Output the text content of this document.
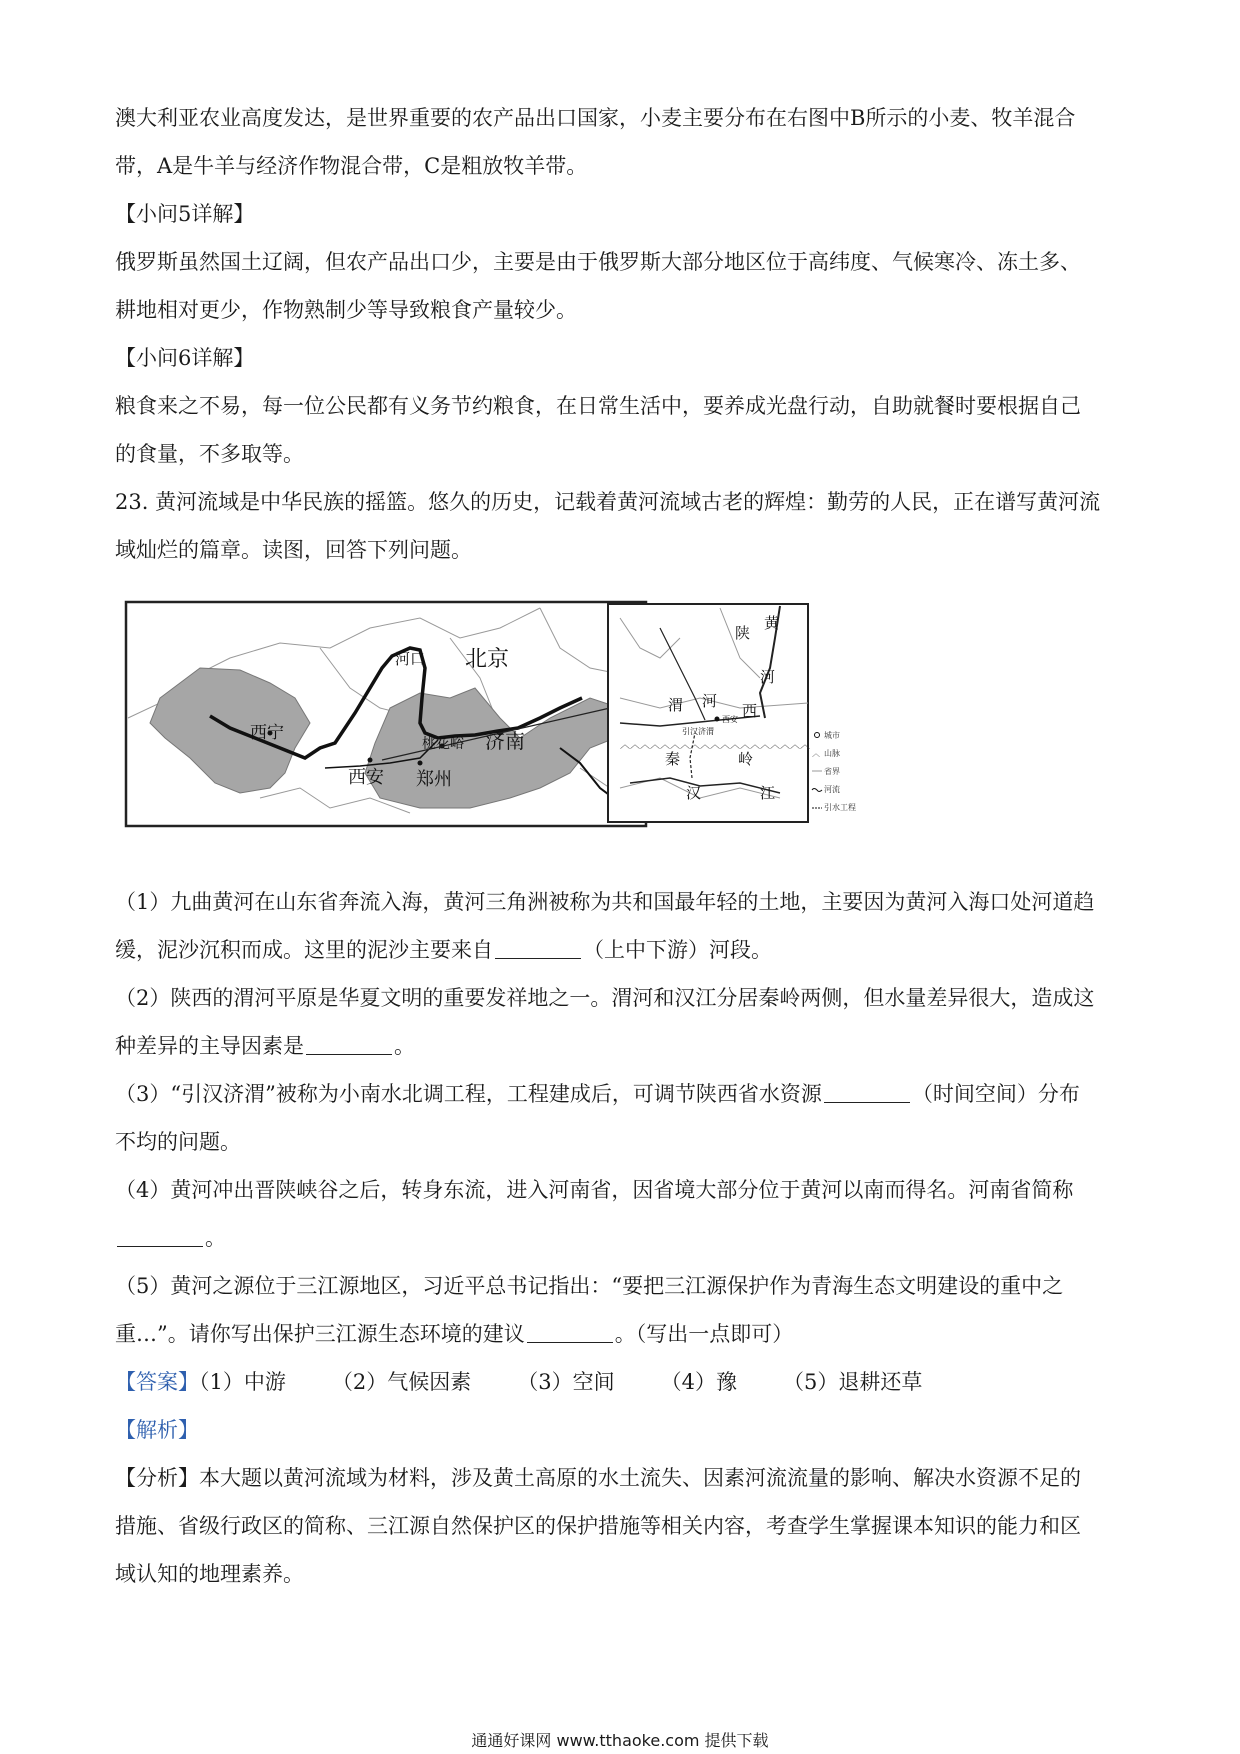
澳大利亚农业高度发达，是世界重要的农产品出口国家，小麦主要分布在右图中B所示的小麦、牧羊混合
带，A是牛羊与经济作物混合带，C是粗放牧羊带。
【小问5详解】
俄罗斯虽然国土辽阔，但农产品出口少，主要是由于俄罗斯大部分地区位于高纬度、气候寒冷、冻土多、
耕地相对更少，作物熟制少等导致粮食产量较少。
【小问6详解】
粮食来之不易，每一位公民都有义务节约粮食，在日常生活中，要养成光盘行动，自助就餐时要根据自己
的食量，不多取等。
23. 黄河流域是中华民族的摇篮。悠久的历史，记载着黄河流域古老的辉煌：勤劳的人民，正在谱写黄河流
域灿烂的篇章。读图，回答下列问题。
河口 北京
西宁
桃花峪 济南
西安 郑州
︿︿︿︿︿︿︿︿︿︿︿︿︿︿︿︿︿︿︿
陕
黄
河
渭 河
西安 西
引汉济渭
秦	岭
汉	江
城市
︿ 山脉
省界
河流
引水工程
（1）九曲黄河在山东省奔流入海，黄河三角洲被称为共和国最年轻的土地，主要因为黄河入海口处河道趋
缓，泥沙沉积而成。这里的泥沙主要来自	（上中下游）河段。
（2）陕西的渭河平原是华夏文明的重要发祥地之一。渭河和汉江分居秦岭两侧，但水量差异很大，造成这
种差异的主导因素是	。
（3）“引汉济渭”被称为小南水北调工程，工程建成后，可调节陕西省水资源	（时间空间）分布
不均的问题。
（4）黄河冲出晋陕峡谷之后，转身东流，进入河南省，因省境大部分位于黄河以南而得名。河南省简称
。
（5）黄河之源位于三江源地区，习近平总书记指出：“要把三江源保护作为青海生态文明建设的重中之
重…”。请你写出保护三江源生态环境的建议	。（写出一点即可）
【答案】（1）中游 （2）气候因素 （3）空间 （4）豫 （5）退耕还草
【解析】
【分析】本大题以黄河流域为材料，涉及黄土高原的水土流失、因素河流流量的影响、解决水资源不足的
措施、省级行政区的简称、三江源自然保护区的保护措施等相关内容，考查学生掌握课本知识的能力和区
域认知的地理素养。
通通好课网 www.tthaoke.com 提供下载
